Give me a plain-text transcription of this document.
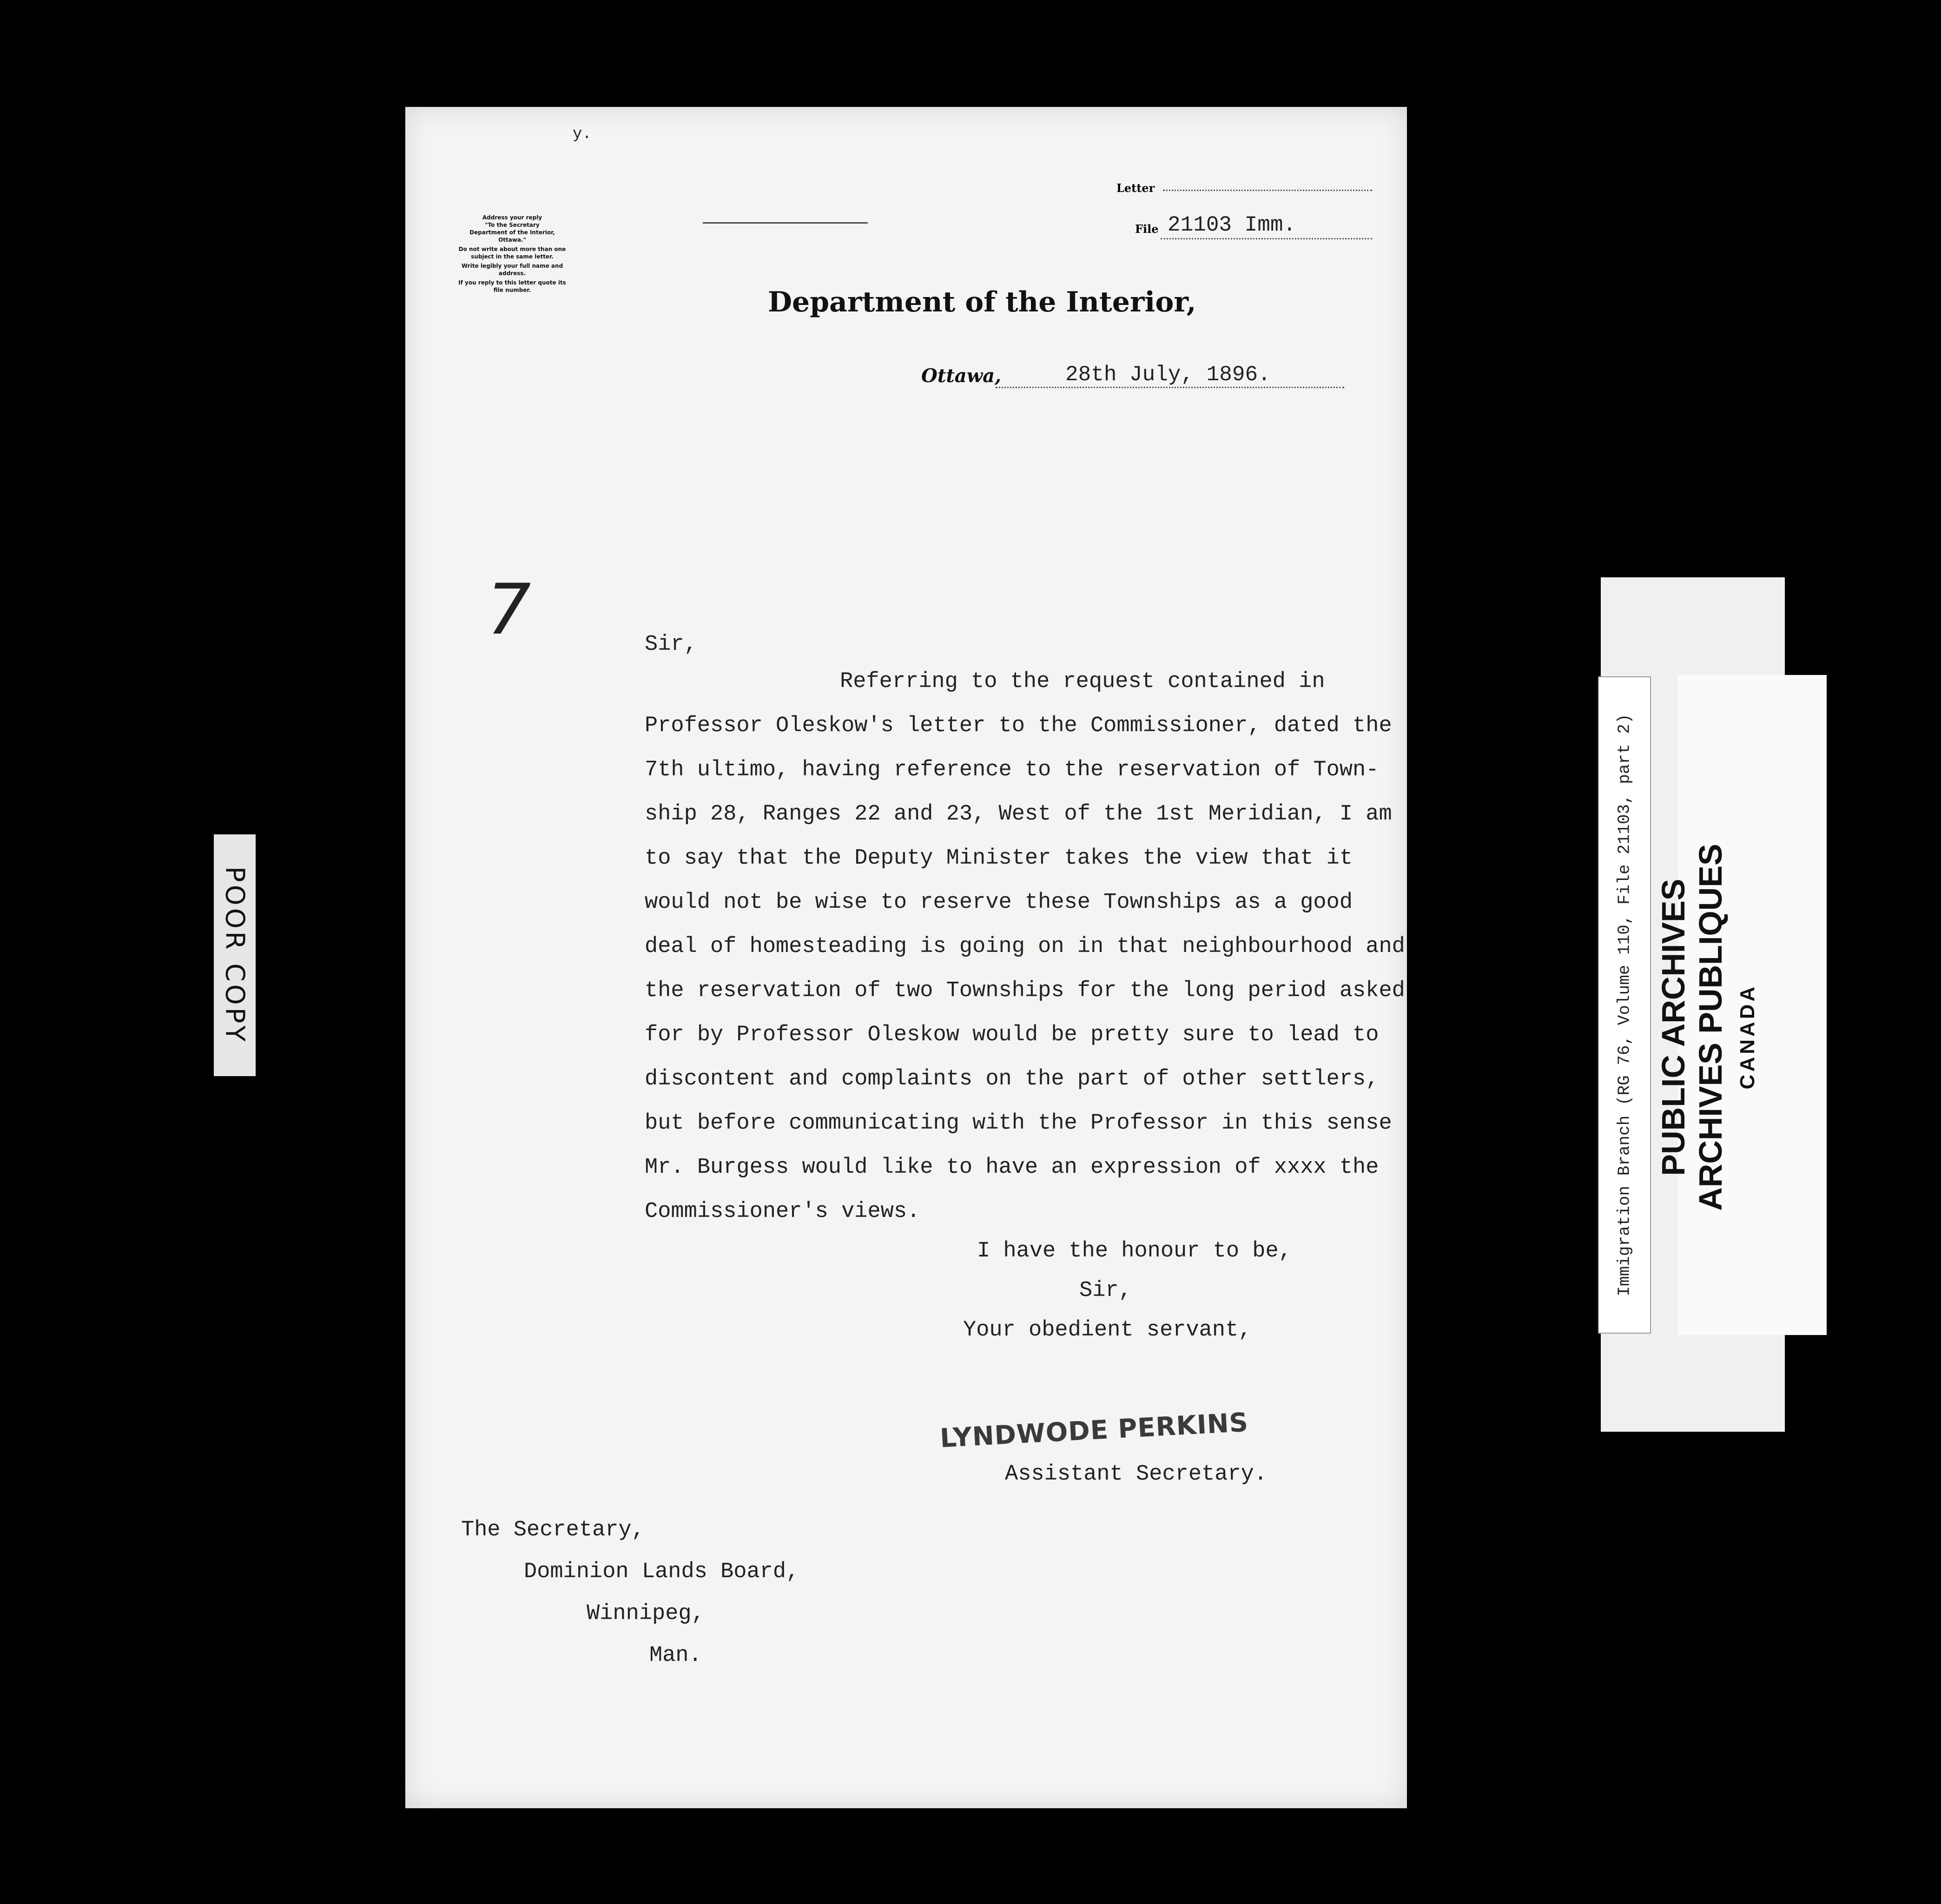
POOR COPY
y.
Letter
File 21103 Imm.
Address your reply
"To the Secretary
Department of the Interior,
Ottawa."
Do not write about more than one
subject in the same letter.
Write legibly your full name and
address.
If you reply to this letter quote its
file number.	Department of the Interior,
Ottawa,	28th July, 1896.
7	Sir,
Referring to the request contained in
Professor Oleskow's letter to the Commissioner, dated the
7th ultimo, having reference to the reservation of Town-
ship 28, Ranges 22 and 23, West of the 1st Meridian, I am
to say that the Deputy Minister takes the view that it
would not be wise to reserve these Townships as a good
deal of homesteading is going on in that neighbourhood and
the reservation of two Townships for the long period asked
for by Professor Oleskow would be pretty sure to lead to
discontent and complaints on the part of other settlers,
but before communicating with the Professor in this sense
Mr. Burgess would like to have an expression of xxxx the
Commissioner's views.
I have the honour to be,
Sir,
Your obedient servant,
LYNDWODE PERKINS
Assistant Secretary.
The Secretary,
Dominion Lands Board,
Winnipeg,
Man.
Immigration Branch (RG 76, Volume 110, File 21103, part 2) PUBLIC ARCHIVES ARCHIVES PUBLIQUES CANADA
